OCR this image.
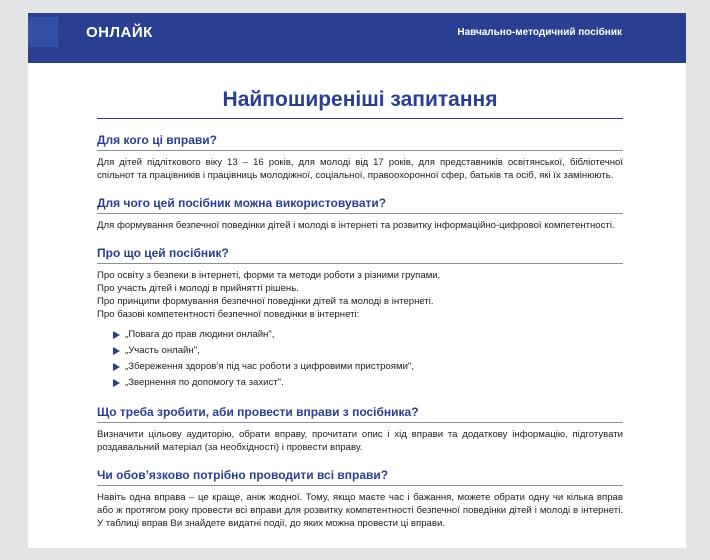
ОНЛАЙК	Навчально-методичний посібник
Найпоширеніші запитання
Для кого ці вправи?

Для дітей підліткового віку 13 – 16 років, для молоді від 17 років, для представників освітянської, бібліотечної спільнот та працівників і працівниць молодіжної, соціальної, правоохоронної сфер, батьків та осіб, які їх замінюють.

Для чого цей посібник можна використовувати?

Для формування безпечної поведінки дітей і молоді в інтернеті та розвитку інформаційно-цифрової компетентності.

Про що цей посібник?

Про освіту з безпеки в інтернеті, форми та методи роботи з різними групами.

Про участь дітей і молоді в прийнятті рішень.

Про принципи формування безпечної поведінки дітей та молоді в інтернеті.

Про базові компетентності безпечної поведінки в інтернеті:

„Повага до прав людини онлайн",
„Участь онлайн",
„Збереження здоров’я під час роботи з цифровими пристроями",
„Звернення по допомогу та захист".
Що треба зробити, аби провести вправи з посібника?

Визначити цільову аудиторію, обрати вправу, прочитати опис і хід вправи та додаткову інформацію, підготувати роздавальний матеріал (за необхідності) і провести вправу.

Чи обов’язково потрібно проводити всі вправи?

Навіть одна вправа – це краще, аніж жодної. Тому, якщо маєте час і бажання, можете обрати одну чи кілька вправ або ж протягом року провести всі вправи для розвитку компетентності безпечної поведінки дітей і молоді в інтернеті. У таблиці вправ Ви знайдете видатні події, до яких можна провести ці вправи.
